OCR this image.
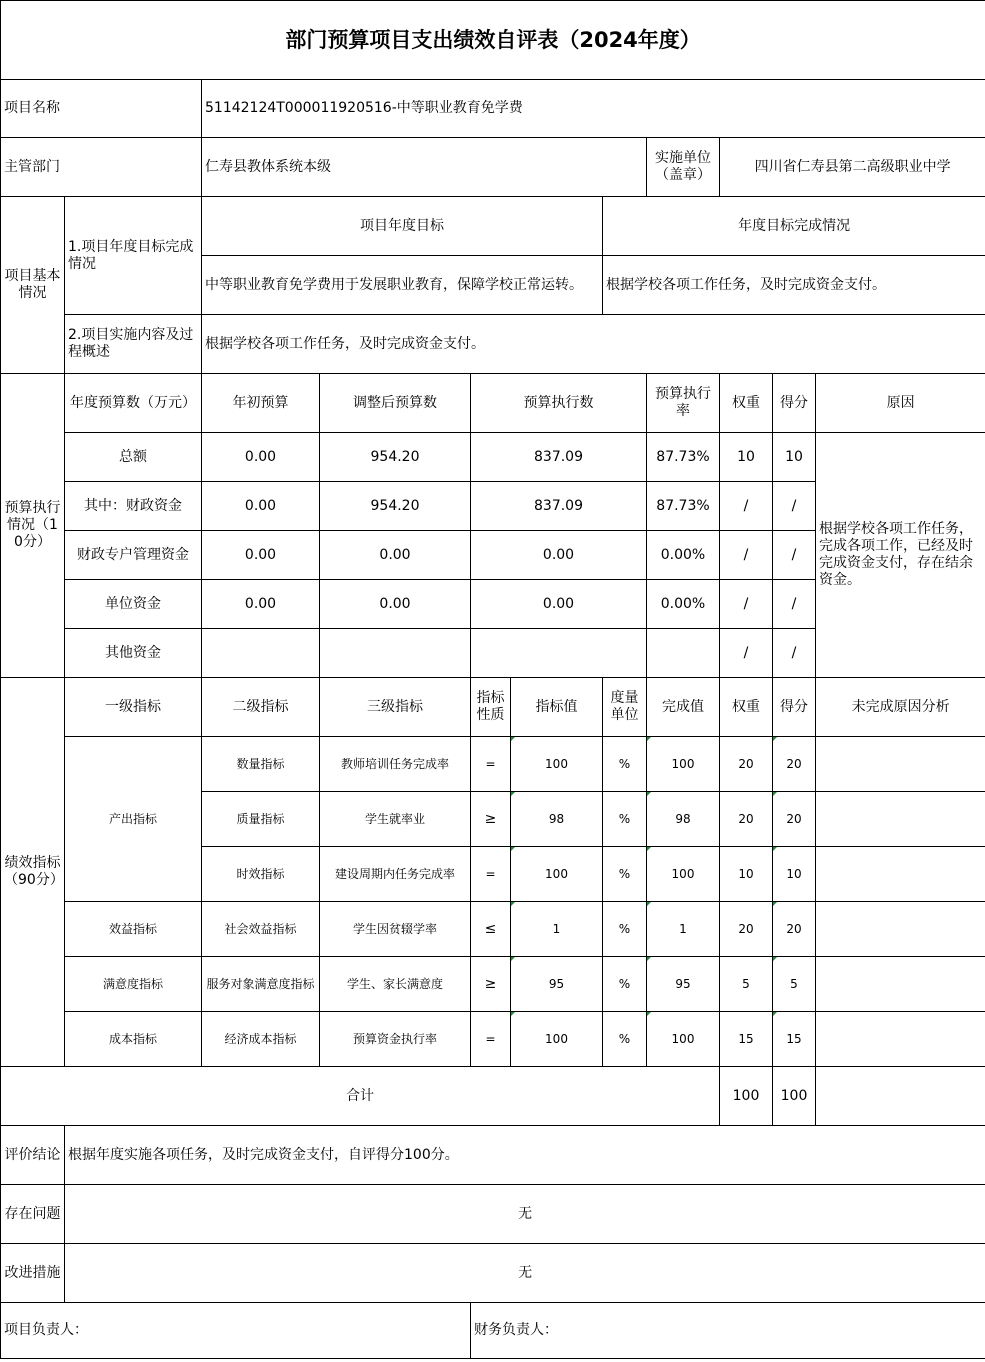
部门预算项目支出绩效自评表（2024年度）										
项目名称		51142124T000011920516-中等职业教育免学费								
主管部门		仁寿县教体系统本级					实施单位（盖章）	四川省仁寿县第二高级职业中学		
项目基本情况	1.项目年度目标完成情况	项目年度目标				年度目标完成情况				
		中等职业教育免学费用于发展职业教育，保障学校正常运转。				根据学校各项工作任务，及时完成资金支付。				
	2.项目实施内容及过程概述	根据学校各项工作任务，及时完成资金支付。								
预算执行情况（10分）	年度预算数（万元）	年初预算	调整后预算数	预算执行数			预算执行率	权重	得分	原因
	总额	0.00	954.20	837.09			87.73%	10	10	根据学校各项工作任务，完成各项工作，已经及时完成资金支付，存在结余资金。
	其中：财政资金	0.00	954.20	837.09			87.73%	/	/	
	财政专户管理资金	0.00	0.00	0.00			0.00%	/	/	
	单位资金	0.00	0.00	0.00			0.00%	/	/	
	其他资金							/	/	
绩效指标（90分）	一级指标	二级指标	三级指标	指标性质	指标值	度量单位	完成值	权重	得分	未完成原因分析
	产出指标	数量指标	教师培训任务完成率	=	100	%	100	20	20	
		质量指标	学生就率业	≥	98	%	98	20	20	
		时效指标	建设周期内任务完成率	=	100	%	100	10	10	
	效益指标	社会效益指标	学生因贫辍学率	≤	1	%	1	20	20	
	满意度指标	服务对象满意度指标	学生、家长满意度	≥	95	%	95	5	5	
	成本指标	经济成本指标	预算资金执行率	=	100	%	100	15	15	
合计								100	100	
评价结论	根据年度实施各项任务，及时完成资金支付，自评得分100分。									
存在问题	无									
改进措施	无									
项目负责人：				财务负责人：						
